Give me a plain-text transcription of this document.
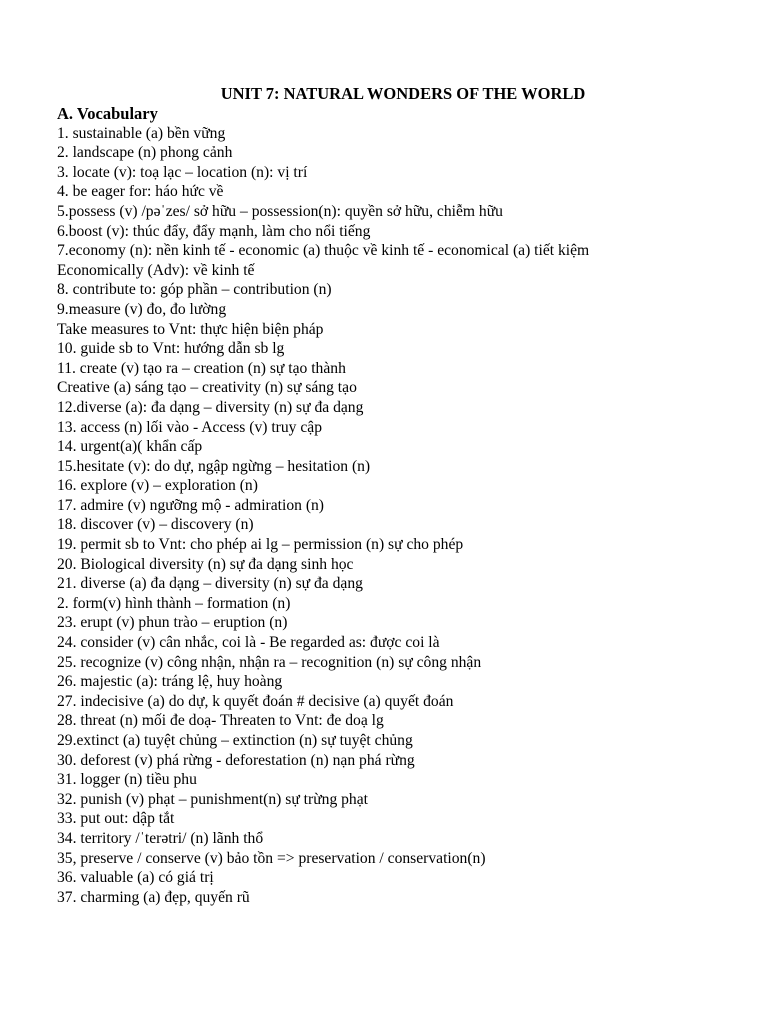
UNIT 7: NATURAL WONDERS OF THE WORLD
A. Vocabulary
1. sustainable (a) bền vững
2. landscape (n) phong cảnh
3. locate (v): toạ lạc – location (n): vị trí
4. be eager for: háo hức về
5.possess (v) /pəˈzes/ sở hữu – possession(n): quyền sở hữu, chiễm hữu
6.boost (v): thúc đẩy, đẩy mạnh, làm cho nổi tiếng
7.economy (n): nền kinh tế - economic (a) thuộc về kinh tế - economical (a) tiết kiệm
Economically (Adv): về kinh tế
8. contribute to: góp phần – contribution (n)
9.measure (v) đo, đo lường
Take measures to Vnt: thực hiện biện pháp
10. guide sb to Vnt: hướng dẫn sb lg
11. create (v) tạo ra – creation (n) sự tạo thành
Creative (a) sáng tạo – creativity (n) sự sáng tạo
12.diverse (a): đa dạng – diversity (n) sự đa dạng
13. access (n) lối vào - Access (v) truy cập
14. urgent(a)( khẩn cấp
15.hesitate (v): do dự, ngập ngừng – hesitation (n)
16. explore (v) – exploration (n)
17. admire (v) ngưỡng mộ - admiration (n)
18. discover (v) – discovery (n)
19. permit sb to Vnt: cho phép ai lg – permission (n) sự cho phép
20. Biological diversity (n) sự đa dạng sinh học
21. diverse (a) đa dạng – diversity (n) sự đa dạng
2. form(v) hình thành – formation (n)
23. erupt (v) phun trào – eruption (n)
24. consider (v) cân nhắc, coi là - Be regarded as: được coi là
25. recognize (v) công nhận, nhận ra – recognition (n) sự công nhận
26. majestic (a): tráng lệ, huy hoàng
27. indecisive (a) do dự, k quyết đoán # decisive (a) quyết đoán
28. threat (n) mối đe doạ- Threaten to Vnt: đe doạ lg
29.extinct (a) tuyệt chủng – extinction (n) sự tuyệt chủng
30. deforest (v) phá rừng - deforestation (n) nạn phá rừng
31. logger (n) tiều phu
32. punish (v) phạt – punishment(n) sự trừng phạt
33. put out: dập tắt
34. territory /ˈterətri/ (n) lãnh thổ
35, preserve / conserve (v) bảo tồn => preservation / conservation(n)
36. valuable (a) có giá trị
37. charming (a) đẹp, quyến rũ
